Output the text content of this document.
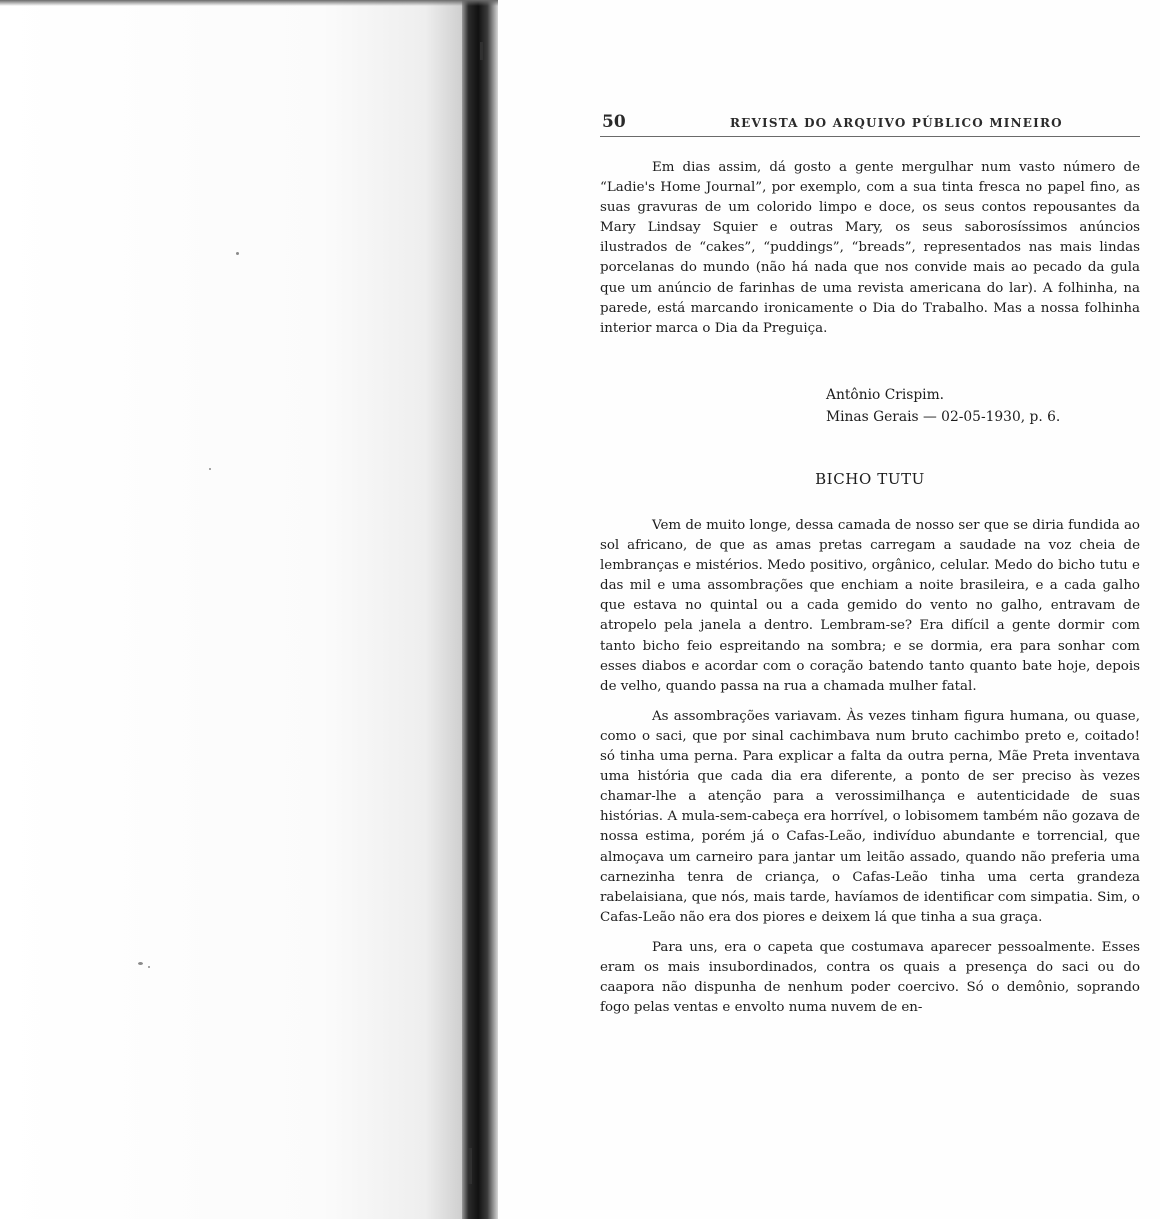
50	REVISTA DO ARQUIVO PÚBLICO MINEIRO

Em dias assim, dá gosto a gente mergulhar num vasto número de “Ladie's Home Journal”, por exemplo, com a sua tinta fresca no papel fino, as suas gravuras de um colorido limpo e doce, os seus contos repousantes da Mary Lindsay Squier e outras Mary, os seus saborosíssimos anúncios ilustrados de “cakes”, “puddings”, “breads”, representados nas mais lindas porcelanas do mundo (não há nada que nos convide mais ao pecado da gula que um anúncio de farinhas de uma revista americana do lar). A folhinha, na parede, está marcando ironicamente o Dia do Trabalho. Mas a nossa folhinha interior marca o Dia da Preguiça.

Antônio Crispim.
Minas Gerais — 02-05-1930, p. 6.
BICHO TUTU

Vem de muito longe, dessa camada de nosso ser que se diria fundida ao sol africano, de que as amas pretas carregam a saudade na voz cheia de lembranças e mistérios. Medo positivo, orgânico, celular. Medo do bicho tutu e das mil e uma assombrações que enchiam a noite brasileira, e a cada galho que estava no quintal ou a cada gemido do vento no galho, entravam de atropelo pela janela a dentro. Lembram-se? Era difícil a gente dormir com tanto bicho feio espreitando na sombra; e se dormia, era para sonhar com esses diabos e acordar com o coração batendo tanto quanto bate hoje, depois de velho, quando passa na rua a chamada mulher fatal.

As assombrações variavam. Às vezes tinham figura humana, ou quase, como o saci, que por sinal cachimbava num bruto cachimbo preto e, coitado! só tinha uma perna. Para explicar a falta da outra perna, Mãe Preta inventava uma história que cada dia era diferente, a ponto de ser preciso às vezes chamar-lhe a atenção para a verossimilhança e autenticidade de suas histórias. A mula-sem-cabeça era horrível, o lobisomem também não gozava de nossa estima, porém já o Cafas-Leão, indivíduo abundante e torrencial, que almoçava um carneiro para jantar um leitão assado, quando não preferia uma carnezinha tenra de criança, o Cafas-Leão tinha uma certa grandeza rabelaisiana, que nós, mais tarde, havíamos de identificar com simpatia. Sim, o Cafas-Leão não era dos piores e deixem lá que tinha a sua graça.

Para uns, era o capeta que costumava aparecer pessoalmente. Esses eram os mais insubordinados, contra os quais a presença do saci ou do caapora não dispunha de nenhum poder coercivo. Só o demônio, soprando fogo pelas ventas e envolto numa nuvem de en-
